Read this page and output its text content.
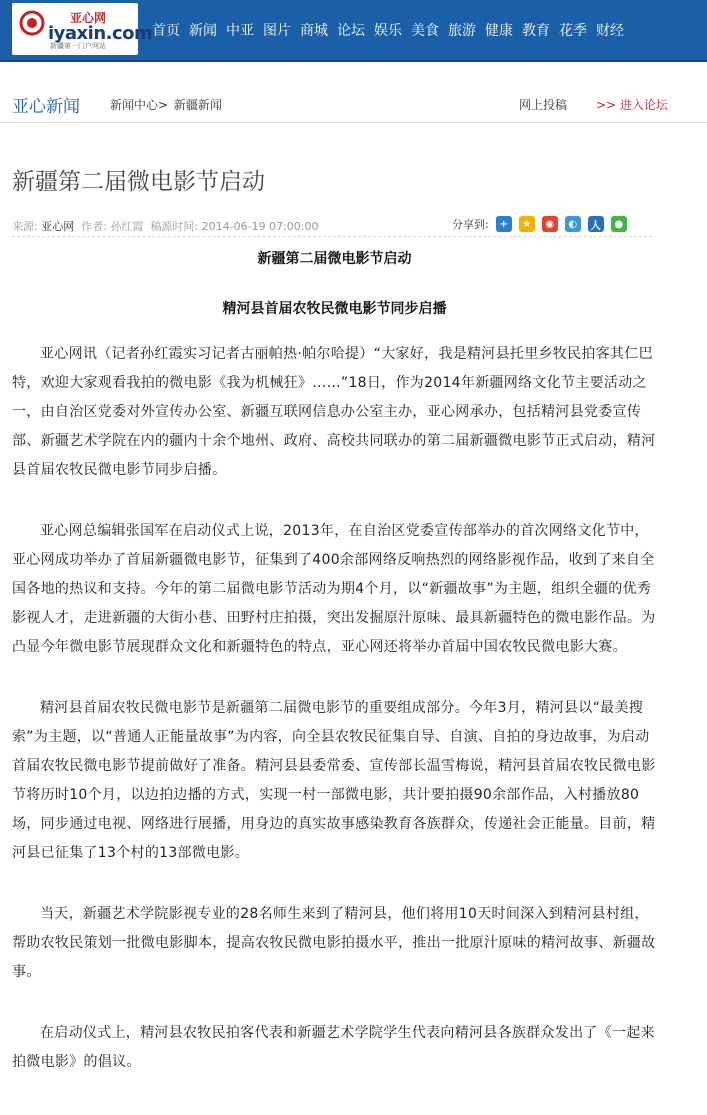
亚心网
iyaxin.com
新疆第一门户网站
首页 新闻 中亚 图片 商城 论坛 娱乐 美食 旅游 健康 教育 花季 财经
亚心新闻	新闻中心> 新疆新闻	网上投稿 >> 进入论坛
新疆第二届微电影节启动
来源: 亚心网 作者: 孙红霞 稿源时间: 2014-06-19 07:00:00	分享到:	+	★	◉	◐	人	●

新疆第二届微电影节启动

精河县首届农牧民微电影节同步启播

亚心网讯（记者孙红霞实习记者古丽帕热·帕尔哈提）“大家好，我是精河县托里乡牧民拍客其仁巴特，欢迎大家观看我拍的微电影《我为机械狂》……”18日，作为2014年新疆网络文化节主要活动之一，由自治区党委对外宣传办公室、新疆互联网信息办公室主办，亚心网承办，包括精河县党委宣传部、新疆艺术学院在内的疆内十余个地州、政府、高校共同联办的第二届新疆微电影节正式启动，精河县首届农牧民微电影节同步启播。

亚心网总编辑张国军在启动仪式上说，2013年，在自治区党委宣传部举办的首次网络文化节中，亚心网成功举办了首届新疆微电影节，征集到了400余部网络反响热烈的网络影视作品，收到了来自全国各地的热议和支持。今年的第二届微电影节活动为期4个月，以“新疆故事”为主题，组织全疆的优秀影视人才，走进新疆的大街小巷、田野村庄拍摄，突出发掘原汁原味、最具新疆特色的微电影作品。为凸显今年微电影节展现群众文化和新疆特色的特点，亚心网还将举办首届中国农牧民微电影大赛。

精河县首届农牧民微电影节是新疆第二届微电影节的重要组成部分。今年3月，精河县以“最美搜索”为主题，以“普通人正能量故事”为内容，向全县农牧民征集自导、自演、自拍的身边故事，为启动首届农牧民微电影节提前做好了准备。精河县县委常委、宣传部长温雪梅说，精河县首届农牧民微电影节将历时10个月，以边拍边播的方式，实现一村一部微电影，共计要拍摄90余部作品，入村播放80场，同步通过电视、网络进行展播，用身边的真实故事感染教育各族群众，传递社会正能量。目前，精河县已征集了13个村的13部微电影。

当天，新疆艺术学院影视专业的28名师生来到了精河县，他们将用10天时间深入到精河县村组，帮助农牧民策划一批微电影脚本，提高农牧民微电影拍摄水平，推出一批原汁原味的精河故事、新疆故事。

在启动仪式上，精河县农牧民拍客代表和新疆艺术学院学生代表向精河县各族群众发出了《一起来拍微电影》的倡议。
